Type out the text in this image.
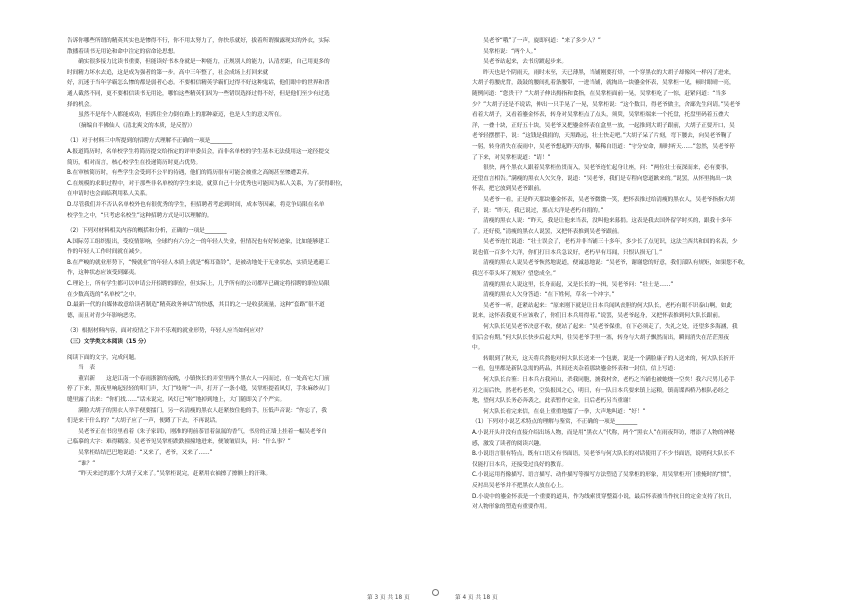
告诉你哪些所谓的精英其实也是惨得不行，你不用太努力了，你快乐就好，拔着所谓描露现实的外衣，实际

散播着读书无用论和命中注定的宿命论思想。

　　确实很多接力比读书重要，但能读好书本身就是一种能力，正规别人的能力，认清差距，自己用更多的

时间精力坏水去追，这是成为强者的第一步。高中三年整了，社会成场上打回来就

好，沉迷于当年学霸怎么惨的都是弱者心态。不要相信精英学霸们过得不好这种鬼话，他们眼中的世界和普

通人截然不同，更不要相信读书无用论，哪怕这些精英们因为一些错误选择过得不好，但是他们至少有过选

择的机会。

　　虽然不是每个人都能成功，但抓住全力倒在路上的那种豪迈，也是人生的意义所在。

　　（摘编自半佛仙人《清北爽文的本质，是反智》）

（1）对于材料三中所提到的招聘方式理解不正确的一项是________

A.报道简历时，名单校学生将简历提交给指定的评审委员会，而非名单校的学生基本无法使用这一途径提交

简历，相对而言，核心校学生在投递简历时更占优势。

B.在审核简历时，有些学生会受到不公平的待遇，他们的简历很有可能会被重之高阁甚至惨遭丢弃。

C.在规模的求职过程中，对于那些非名单校的学生来说，就算自己十分优秀也可能因为私人关系，为了获得职位，

在申请时也会面临利用私人关系。

D.尽管我们并不否认名单校外也有很优秀的学生，但招聘者考虑到时间，成本等因素，将竞争局限在名单

校学生之中，“只考虑名校生”这种招聘方式是可以理解的。

（2）下列对材料相关内容的概括和分析，正确的一项是________

A.国际劳工组织报出，受疫情影响，全球约有六分之一的年轻人失业，但情况也有好转迹象，比如能够建工

作的年轻人工作时间就在减少。

B.在严峻的就业形势下，“慢就业”的年轻人本质上就是“梅耳盗铃”，是被动地处于无业状态，实质是逃避工

作，这种状态应该受到鄙夷。

C.理论上，所有学生都可以申请公开招聘的职位，但实际上，几乎所有的公司都早已确定将招聘的职位局限

在少数高选的“名单校”之中。

D.最新一代的自媒体故意给读者制造“精英政务神话”的快感，其目的之一是收获流量，这种“套路”很不道

德，而且对青少年影响恶劣。

（3）根据材料内容，面对疫情之下并不乐观的就业形势，年轻人应当如何应对？

（三）文学类文本阅读（15 分）

阅读下面的文字，完成问题。

　　当　表

　　董岩新　　这是江南一个春雨浙浙的夜晚，小镇恢长的弄堂里两个黑衣人一闪而过，在一处高宅大门前

停了下来，黑夜里响起轻轻的叩门声，大门“吱呀”一声，打开了一条小缝，吴掌柜提着风灯，手朱麻纱从门

缝里露了出来：“你们找……”话未说完，风灯已“啦”地掉到地上，大门随即关了个严实。

　　满脸大胡子的黑衣人举手便要擂门，另一名清瘦的黑衣人赶紧按住他的手，压低声音说：“你忘了，我

们是来干什么的？”大胡子应了一声，便蹲了下去，不再说话。

　　吴老爷正在书房里看着《朱子家训》，刚准的明前茶冒着氤氲的香气，书房的正墙上挂着一幅吴老爷自

己临摹的大字：难得糊涂。吴老爷见吴掌柜跌跌撞撞地进来，便皱皱眉头，问：“什么事？”

　　吴掌柜结结巴巴地说道：“又来了，老爷，又来了……”

　　“谁？”

　　“昨天来过的那个大胡子又来了。”吴掌柜说完，赶紧用衣袖擦了擦额上的汗珠。

　　吴老爷“哦”了一声，旋即问道：“来了多少人？”

　　吴掌柜说：“两个人。”

　　吴老爷站起来，去书房踱起步来。

　　昨天也是个阴雨天，雨时未至，天已薄黑，当铺刚要打烊，一个穿黑衣的大胡子却像风一样闪了进来，

大胡子将腰虎背，鼓鼓的腰间扎着条腰带，一进当铺，就掏出一块鎏金怀表，吴掌柜一见，顿时眼晴一亮，

随例问道：“您贵干？”大胡子伸出拇指和食指，在吴掌柜面前一晃，吴掌柜吃了一惊，赶紧问道：“当多

少？”大胡子还是不说话，伸出一只手晃了一晃，吴掌柜说：“这个数目，得老爷做主，舍鄙先生问请。”吴老爷

看着大胡子，又看着鎏金怀表，转身对吴掌柜点了点头，须臾，吴掌柜端来一个托盘，托盘里码着五叠大

洋，一叠十块，正好五十块，吴老爷又把鎏金怀表在盒里一放，一起推到大胡子跟前，大胡子正要开口，吴

老爷轻摆摆手，说：“这钱是我捐的，天黑路远，壮士快走吧。”大胡子呆了片刻，弯下腰去，向吴老爷鞠了

一躬，转身消失在夜雨中，吴老爷想起昨天的事，稀稀自语道：“守分安命，顺时听天……”忽然，吴老爷停

了下来，对吴掌柜说道：“请！”

　　很快，两个黑衣人跟着吴掌柜鱼贯而入，吴老爷连忙起身让座，问：“两位壮士夜深而来，必有要事，

还望直言相告。”满瘦的黑衣人欠欠身，说道：“吴老爷，我们是专程向您道歉来的。”说罢，从怀里掏出一块

怀表，把它放到吴老爷跟前。

　　吴老爷一看，正是昨天那块鎏金怀表，吴老爷微微一笑，把怀表推过给清瘦的黑衣人，吴老爷指指大胡

子，说：“昨天，我已说过，那点大洋是老朽自捐的。”

　　清瘦的黑衣人说：“昨天，我是让他来当表，没叫他来募捐。这表是我去国外留学时买的，跟我十多年

了。还好使，”清瘦的黑衣人说罢，又把怀表推到吴老爷跟前。

　　吴老爷连忙说道：“壮士误会了，老朽并非当铺三十多年，多少长了点见识，这法兰西共和国的名表，少

说也值一百多个大洋，你们打日本兵急议好，老朽早有耳闻，只恨认损无门。”

　　清瘦的黑衣人说吴老爷恢然地说道，便诚恳地说：“吴老爷，谢谢您的好意，我们部队有规矩，如果您不收，

我岂不带头坏了规矩？望您成全。”

　　清瘦的黑衣人说这里，长身而起，又是长长的一揖，吴老爷问：“壮士是……”

　　清瘦的黑衣人欠身答道：“在下姓何，草名一个冲字。”

　　吴老爷一听，赶紧站起来：“原来刚下就是让日本兵闻风丧胆的何大队长，老朽有眼不识泰山啊，如此

说来，这怀表我更不应该收了，你们日本兵用得着。”说罢，吴老爷起身，又把怀表推到何大队长跟前。

　　何大队长见吴老爷决意不收，便站了起来：“吴老爷保重，在下必须走了，失礼之处，还望多多海涵，我

们后会有期。”何大队长快步后起大叫，往吴老爷手里一塞，转身与大胡子飘然而出，瞬间消失在茫茫黑夜

中。

　　转眼到了秋天，这天将兵熬他对何大队长送来一个包裹，说是一个满脸康子的人送来的，何大队长折开

一看，包里都是新队急需的药品，其间还夹杂着那块鎏金怀表和一封信，信上写道：

　　何大队长台鉴：日本兵占我河山，杀我同胞，掳我村舍，老朽之当铺也被她烧一空矣！我六尺男儿必手

刃之而后快，然老朽老矣，空负报国之心，明日，有一队日本兵要来镇上运粮，镇南谍西桥乃根队必经之

地，望何大队长务必奔袭之，此表暂作定金，日后老朽另当重谢！

　　何大队长看完来信，在桌上重重地擂了一拳，大声地叫道：“好！”

（1）下列对小说艺术特点的理解与鉴赏，不正确的一项是________

A.小说开头并没有直接介绍出场人物，而是用“黑衣人”代称，两个“黑衣人”在雨夜拜访，增添了人物的神秘

感，激发了读者的阅读兴趣。

B.小说语言很有特点，既有口语又有书面语，吴老爷与何大队长的对话使用了不少书面语，说明何大队长不

仅能打日本兵，还接受过良好的教育。

C.小说运用肖像描写、语言描写、动作描写等描写方法塑造了吴掌柜的形象，用吴掌柜开门重掩时的“惯”，

反衬出吴老爷并不把黑衣人放在心上。

D.小说中的鎏金怀表是一个重要的道具，作为线索贯穿整篇小说，最后怀表被当作抗日的定金支持了抗日，

对人物形象的塑造有重要作用。

第 3 页 共 18 页	第 4 页 共 18 页
